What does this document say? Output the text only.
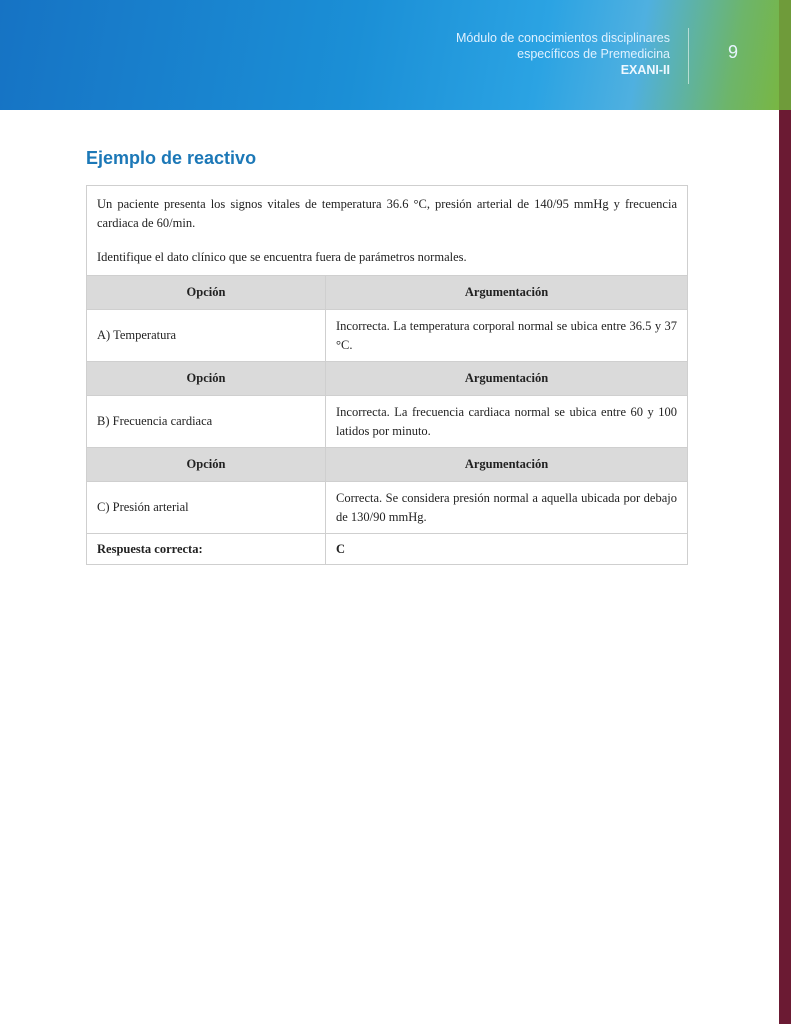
Módulo de conocimientos disciplinares
específicos de Premedicina
EXANI-II
9
Ejemplo de reactivo

Un paciente presenta los signos vitales de temperatura 36.6 °C, presión arterial de 140/95 mmHg y frecuencia cardiaca de 60/min.

Identifique el dato clínico que se encuentra fuera de parámetros normales.

Opción	Argumentación
A) Temperatura	Incorrecta. La temperatura corporal normal se ubica entre 36.5 y 37 °C.
Opción	Argumentación
B) Frecuencia cardiaca	Incorrecta. La frecuencia cardiaca normal se ubica entre 60 y 100 latidos por minuto.
Opción	Argumentación
C) Presión arterial	Correcta. Se considera presión normal a aquella ubicada por debajo de 130/90 mmHg.
Respuesta correcta:	C
